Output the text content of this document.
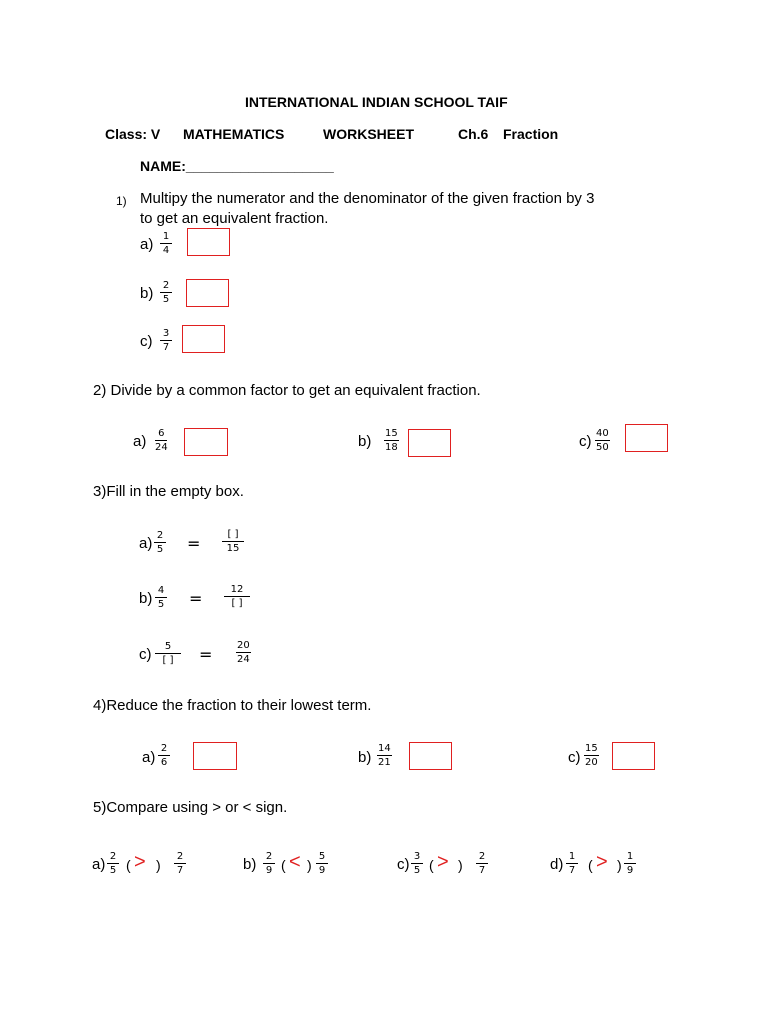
INTERNATIONAL INDIAN SCHOOL TAIF
Class: V MATHEMATICS	WORKSHEET	Ch.6 Fraction
NAME:___________________
1) Multipy the numerator and the denominator of the given fraction by 3
to get an equivalent fraction.
$a) \frac{1}{4}$
$b) \frac{2}{5}$
$c) \frac{3}{7}$
2) Divide by a common factor to get an equivalent fraction.
$a) \frac{6}{24}$	$b) \frac{15}{18}$	$c) \frac{40}{50}$
3)Fill in the empty box.
$a) \frac{2}{5}$ =	[ ]
15
$b) \frac{4}{5}$ =	12
[ ]
c)	5
[ ] = $\frac{20}{24}$
4)Reduce the fraction to their lowest term.
$a) \frac{2}{6}$	$b) \frac{14}{21}$	$c) \frac{15}{20}$
5)Compare using > or < sign.
$a) \frac{2}{5}$ ( > ) $\frac{2}{7}$	$b) \frac{2}{9}$ ( < ) $\frac{5}{9}$	$c) \frac{3}{5}$ ( > ) $\frac{2}{7}$	$d) \frac{1}{7}$ ( > ) $\frac{1}{9}$
